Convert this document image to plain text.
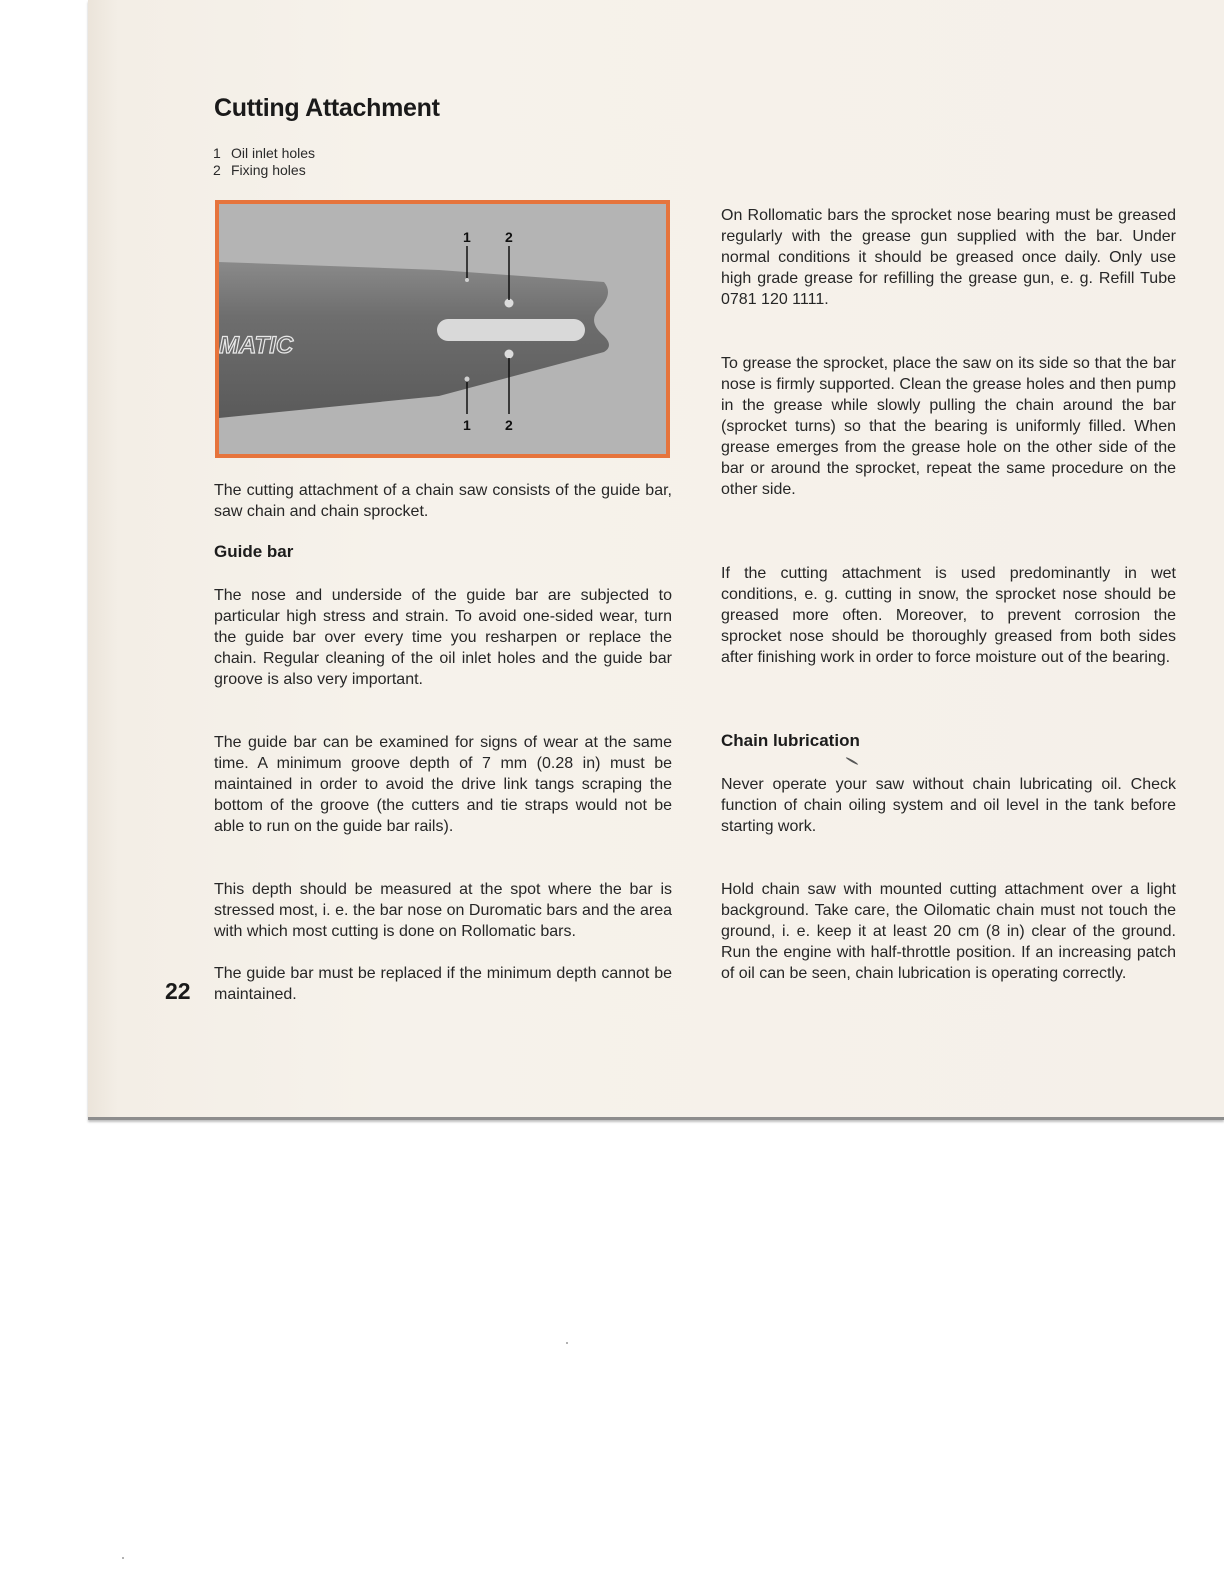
Cutting Attachment
1 Oil inlet holes
2 Fixing holes
MATIC
1 2
1 2

The cutting attachment of a chain saw consists of the guide bar, saw chain and chain sprocket.

Guide bar

The nose and underside of the guide bar are subjected to particular high stress and strain. To avoid one-sided wear, turn the guide bar over every time you resharpen or replace the chain. Regular cleaning of the oil inlet holes and the guide bar groove is also very important.

The guide bar can be examined for signs of wear at the same time. A minimum groove depth of 7 mm (0.28 in) must be maintained in order to avoid the drive link tangs scraping the bottom of the groove (the cutters and tie straps would not be able to run on the guide bar rails).

This depth should be measured at the spot where the bar is stressed most, i. e. the bar nose on Duromatic bars and the area with which most cutting is done on Rollomatic bars.

The guide bar must be replaced if the minimum depth cannot be maintained.

On Rollomatic bars the sprocket nose bearing must be greased regularly with the grease gun supplied with the bar. Under normal conditions it should be greased once daily. Only use high grade grease for refilling the grease gun, e. g. Refill Tube 0781 120 1111.

To grease the sprocket, place the saw on its side so that the bar nose is firmly supported. Clean the grease holes and then pump in the grease while slowly pulling the chain around the bar (sprocket turns) so that the bearing is uniformly filled. When grease emerges from the grease hole on the other side of the bar or around the sprocket, repeat the same procedure on the other side.

If the cutting attachment is used predominantly in wet conditions, e. g. cutting in snow, the sprocket nose should be greased more often. Moreover, to prevent corrosion the sprocket nose should be thoroughly greased from both sides after finishing work in order to force moisture out of the bearing.

Chain lubrication

Never operate your saw without chain lubricating oil. Check function of chain oiling system and oil level in the tank before starting work.

Hold chain saw with mounted cutting attachment over a light background. Take care, the Oilomatic chain must not touch the ground, i. e. keep it at least 20 cm (8 in) clear of the ground. Run the engine with half-throttle position. If an increasing patch of oil can be seen, chain lubrication is operating correctly.

22
